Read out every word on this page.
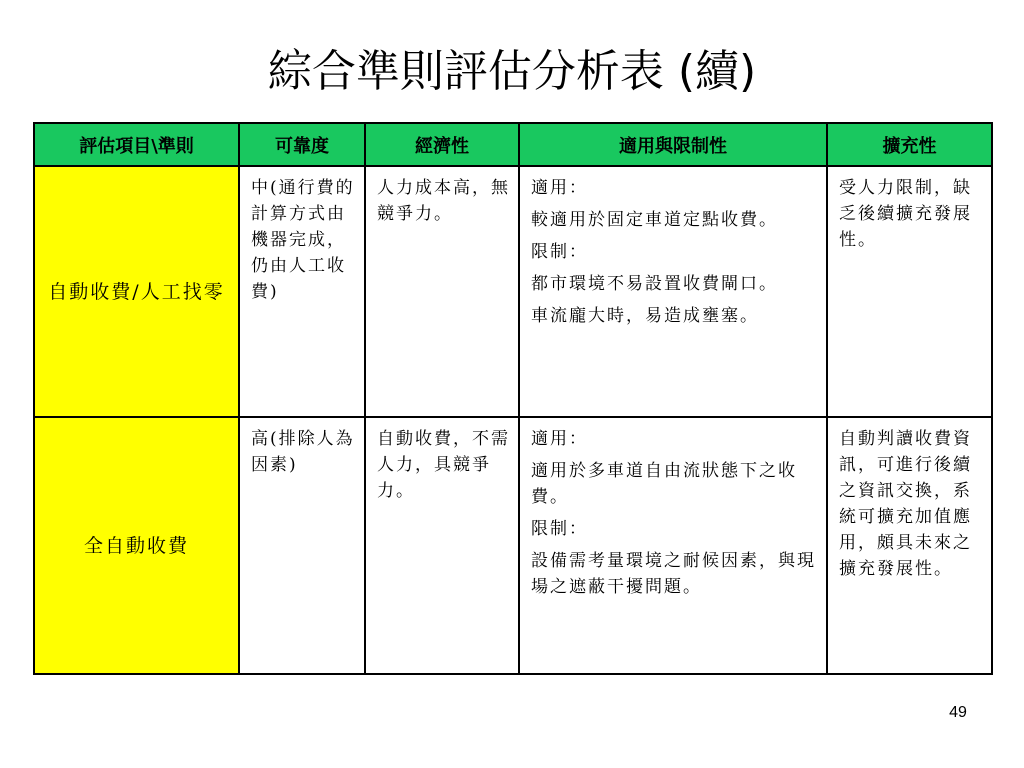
綜合準則評估分析表 (續)
評估項目\準則	可靠度	經濟性	適用與限制性	擴充性
自動收費/人工找零	中(通行費的計算方式由機器完成，仍由人工收費)	人力成本高，無競爭力。	適用：

較適用於固定車道定點收費。

限制：

都市環境不易設置收費閘口。

車流龐大時，易造成壅塞。	受人力限制，缺乏後續擴充發展性。
全自動收費	高(排除人為因素)	自動收費，不需人力，具競爭力。	適用：

適用於多車道自由流狀態下之收費。

限制：

設備需考量環境之耐候因素，與現場之遮蔽干擾問題。	自動判讀收費資訊，可進行後續之資訊交換，系統可擴充加值應用，頗具未來之擴充發展性。
49
